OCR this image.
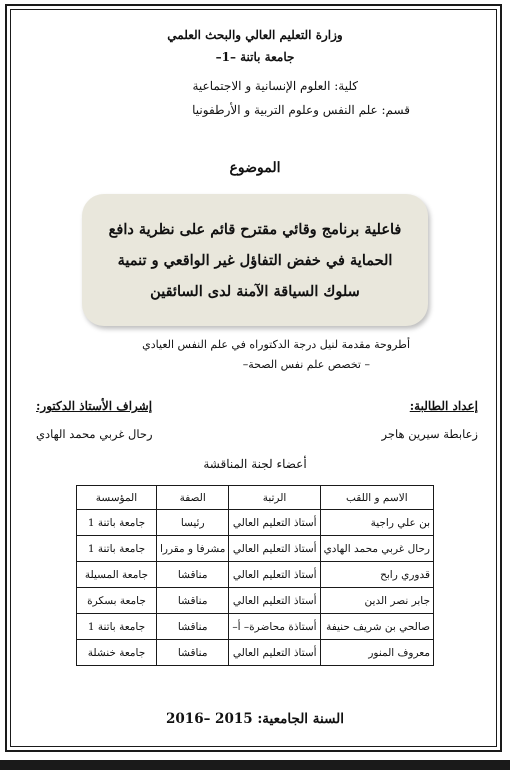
وزارة التعليم العالي والبحث العلمي
جامعة باتنة –1–
كلية: العلوم الإنسانية و الاجتماعية
قسم: علم النفس وعلوم التربية و الأرطفونيا
الموضوع
فاعلية برنامج وقائي مقترح قائم على نظرية دافع
الحماية في خفض التفاؤل غير الواقعي و تنمية
سلوك السياقة الآمنة لدى السائقين
أطروحة مقدمة لنيل درجة الدكتوراه في علم النفس العيادي
– تخصص علم نفس الصحة–
إعداد الطالبة:
زعابطة سيرين هاجر
إشراف الأستاذ الدكتور:
رحال غربي محمد الهادي
أعضاء لجنة المناقشة
الاسم و اللقب	الرتبة	الصفة	المؤسسة
بن علي راجية	أستاذ التعليم العالي	رئيسا	جامعة باتنة 1
رحال غربي محمد الهادي	أستاذ التعليم العالي	مشرفا و مقررا	جامعة باتنة 1
قدوري رابح	أستاذ التعليم العالي	مناقشا	جامعة المسيلة
جابر نصر الدين	أستاذ التعليم العالي	مناقشا	جامعة بسكرة
صالحي بن شريف حنيفة	أستاذة محاضرة– أ–	مناقشا	جامعة باتنة 1
معروف المنور	أستاذ التعليم العالي	مناقشا	جامعة خنشلة
السنة الجامعية: 2015 –2016
